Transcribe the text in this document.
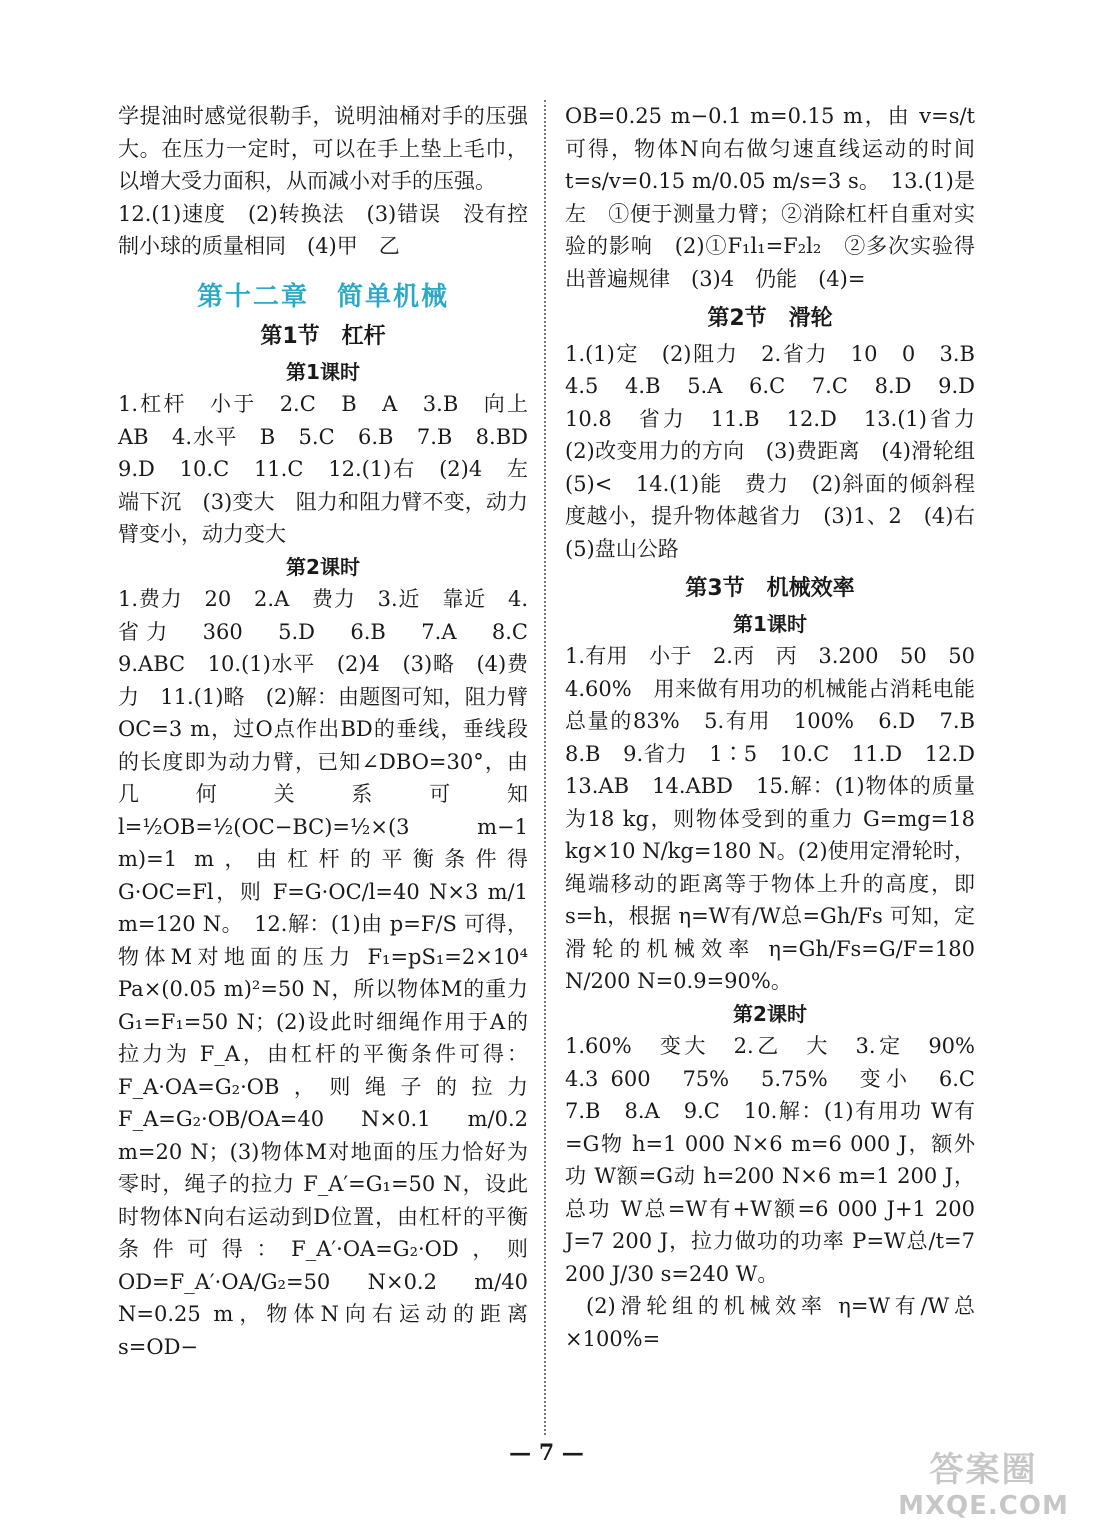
学提油时感觉很勒手，说明油桶对手的压强大。在压力一定时，可以在手上垫上毛巾，以增大受力面积，从而减小对手的压强。

12.(1)速度　(2)转换法　(3)错误　没有控制小球的质量相同　(4)甲　乙

第十二章　简单机械
第1节　杠杆
第1课时

1.杠杆　小于　2.C　B　A　3.B　向上　AB　4.水平　B　5.C　6.B　7.B　8.BD　9.D　10.C　11.C　12.(1)右　(2)4　左端下沉　(3)变大　阻力和阻力臂不变，动力臂变小，动力变大

第2课时

1.费力　20　2.A　费力　3.近　靠近　4.省力　360　5.D　6.B　7.A　8.C　9.ABC　10.(1)水平　(2)4　(3)略　(4)费力　11.(1)略　(2)解：由题图可知，阻力臂OC=3 m，过O点作出BD的垂线，垂线段的长度即为动力臂，已知∠DBO=30°，由几何关系可知 l=½OB=½(OC−BC)=½×(3 m−1 m)=1 m，由杠杆的平衡条件得 G·OC=Fl，则 F=G·OC/l=40 N×3 m/1 m=120 N。　12.解：(1)由 p=F/S 可得，物体M对地面的压力 F₁=pS₁=2×10⁴ Pa×(0.05 m)²=50 N，所以物体M的重力 G₁=F₁=50 N；(2)设此时细绳作用于A的拉力为 F_A，由杠杆的平衡条件可得：F_A·OA=G₂·OB，则绳子的拉力 F_A=G₂·OB/OA=40 N×0.1 m/0.2 m=20 N；(3)物体M对地面的压力恰好为零时，绳子的拉力 F_A′=G₁=50 N，设此时物体N向右运动到D位置，由杠杆的平衡条件可得：F_A′·OA=G₂·OD，则 OD=F_A′·OA/G₂=50 N×0.2 m/40 N=0.25 m，物体N向右运动的距离 s=OD−

OB=0.25 m−0.1 m=0.15 m，由 v=s/t 可得，物体N向右做匀速直线运动的时间 t=s/v=0.15 m/0.05 m/s=3 s。　13.(1)是　左　①便于测量力臂；②消除杠杆自重对实验的影响　(2)①F₁l₁=F₂l₂　②多次实验得出普遍规律　(3)4　仍能　(4)=

第2节　滑轮

1.(1)定　(2)阻力　2.省力　10　0　3.B　4.5　4.B　5.A　6.C　7.C　8.D　9.D　10.8　省力　11.B　12.D　13.(1)省力　(2)改变用力的方向　(3)费距离　(4)滑轮组　(5)<　14.(1)能　费力　(2)斜面的倾斜程度越小，提升物体越省力　(3)1、2　(4)右　(5)盘山公路

第3节　机械效率
第1课时

1.有用　小于　2.丙　丙　3.200　50　50　4.60%　用来做有用功的机械能占消耗电能总量的83%　5.有用　100%　6.D　7.B　8.B　9.省力　1∶5　10.C　11.D　12.D　13.AB　14.ABD　15.解：(1)物体的质量为18 kg，则物体受到的重力 G=mg=18 kg×10 N/kg=180 N。(2)使用定滑轮时，绳端移动的距离等于物体上升的高度，即 s=h，根据 η=W有/W总=Gh/Fs 可知，定滑轮的机械效率 η=Gh/Fs=G/F=180 N/200 N=0.9=90%。

第2课时

1.60%　变大　2.乙　大　3.定　90%　4.3 600　75%　5.75%　变小　6.C　7.B　8.A　9.C　10.解：(1)有用功 W有=G物 h=1 000 N×6 m=6 000 J，额外功 W额=G动 h=200 N×6 m=1 200 J，总功 W总=W有+W额=6 000 J+1 200 J=7 200 J，拉力做功的功率 P=W总/t=7 200 J/30 s=240 W。

(2)滑轮组的机械效率 η=W有/W总×100%=

— 7 —	答案圈
MXQE.COM
